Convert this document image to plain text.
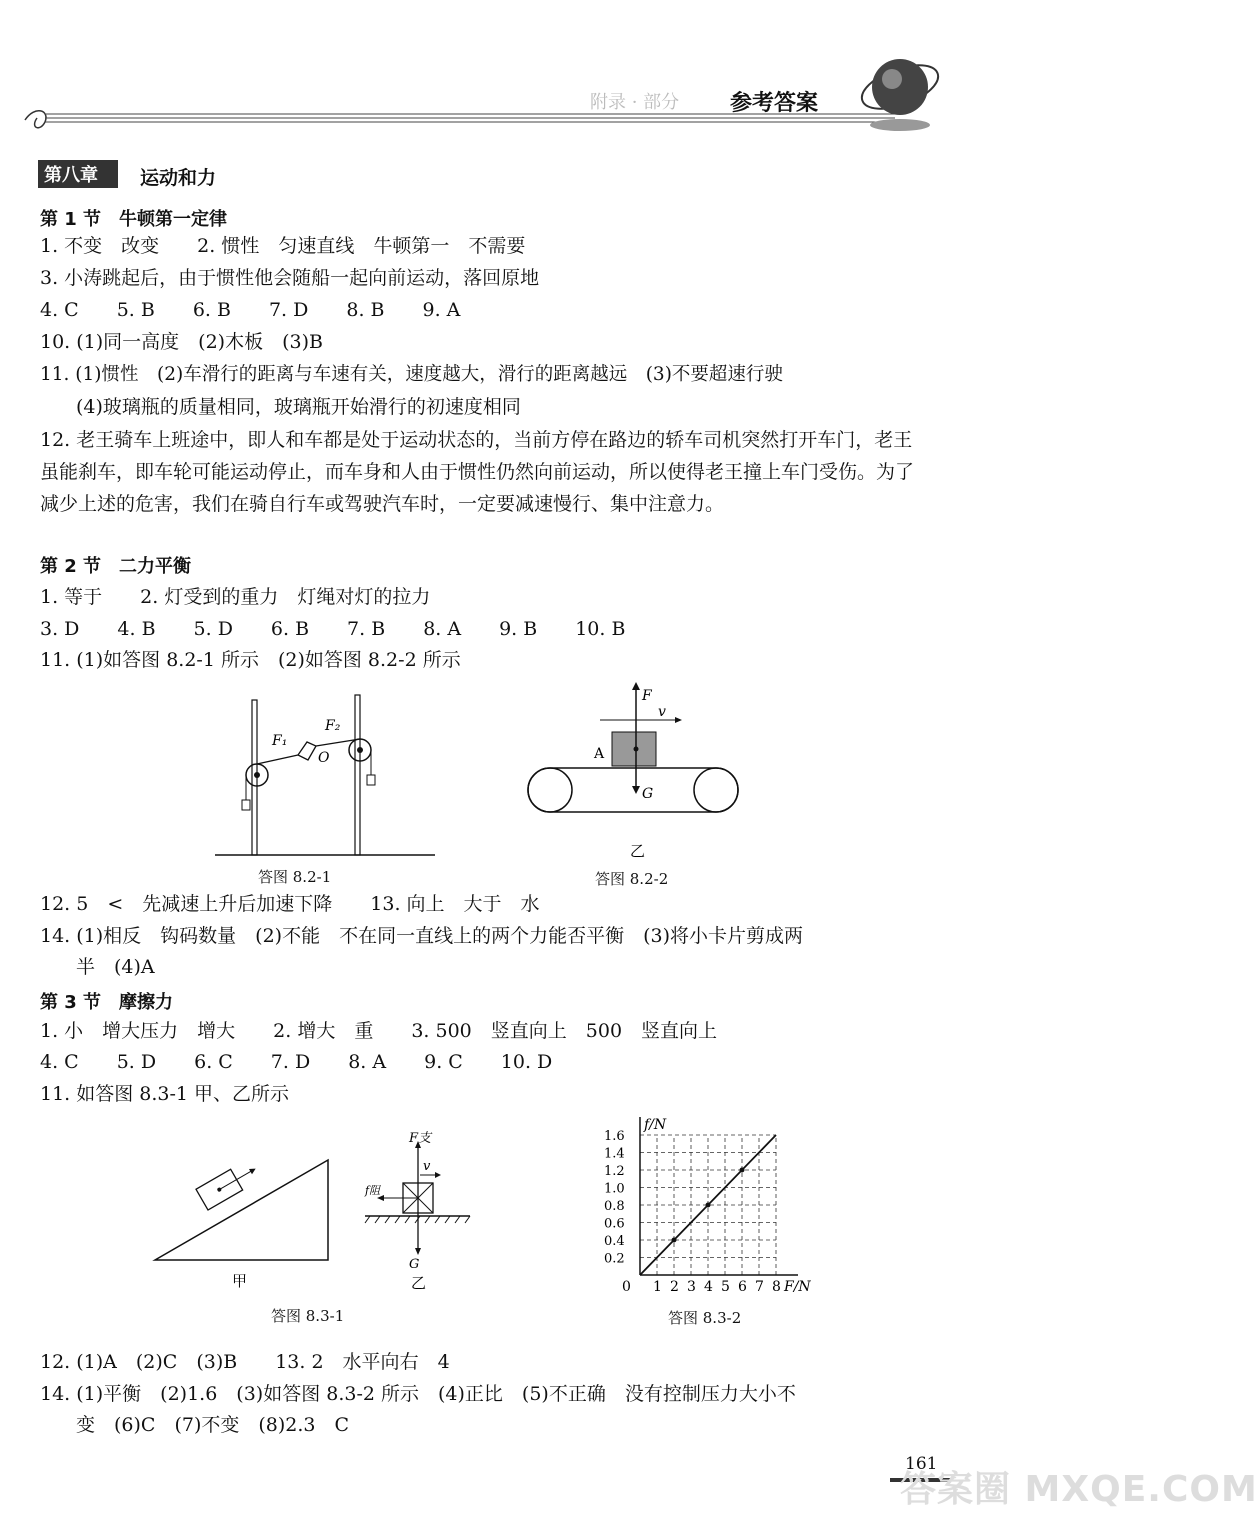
附录 · 部分 参考答案
第八章 运动和力
第 1 节　牛顿第一定律
1. 不变　改变　　2. 惯性　匀速直线　牛顿第一　不需要
3. 小涛跳起后，由于惯性他会随船一起向前运动，落回原地
4. C　　5. B　　6. B　　7. D　　8. B　　9. A
10. (1)同一高度　(2)木板　(3)B
11. (1)惯性　(2)车滑行的距离与车速有关，速度越大，滑行的距离越远　(3)不要超速行驶
(4)玻璃瓶的质量相同，玻璃瓶开始滑行的初速度相同
12. 老王骑车上班途中，即人和车都是处于运动状态的，当前方停在路边的轿车司机突然打开车门，老王虽能刹车，即车轮可能运动停止，而车身和人由于惯性仍然向前运动，所以使得老王撞上车门受伤。为了减少上述的危害，我们在骑自行车或驾驶汽车时，一定要减速慢行、集中注意力。
第 2 节　二力平衡
1. 等于　　2. 灯受到的重力　灯绳对灯的拉力
3. D　　4. B　　5. D　　6. B　　7. B　　8. A　　9. B　　10. B
11. (1)如答图 8.2-1 所示　(2)如答图 8.2-2 所示
F₁
F₂
O
答图 8.2-1
F
v
A
G
乙
答图 8.2-2
12. 5　<　先减速上升后加速下降　　13. 向上　大于　水
14. (1)相反　钩码数量　(2)不能　不在同一直线上的两个力能否平衡　(3)将小卡片剪成两
半　(4)A
第 3 节　摩擦力
1. 小　增大压力　增大　　2. 增大　重　　3. 500　竖直向上　500　竖直向上
4. C　　5. D　　6. C　　7. D　　8. A　　9. C　　10. D
11. 如答图 8.3-1 甲、乙所示
甲
F支
v
f阻
G
乙
答图 8.3-1
0 1 2 3 4 5 6 7 8
0.2
0.4
0.6
0.8
1.0
1.2
1.4
1.6
F/N
f/N
答图 8.3-2
12. (1)A　(2)C　(3)B　　13. 2　水平向右　4
14. (1)平衡　(2)1.6　(3)如答图 8.3-2 所示　(4)正比　(5)不正确　没有控制压力大小不
变　(6)C　(7)不变　(8)2.3　C
161
答案圈 MXQE.COM
